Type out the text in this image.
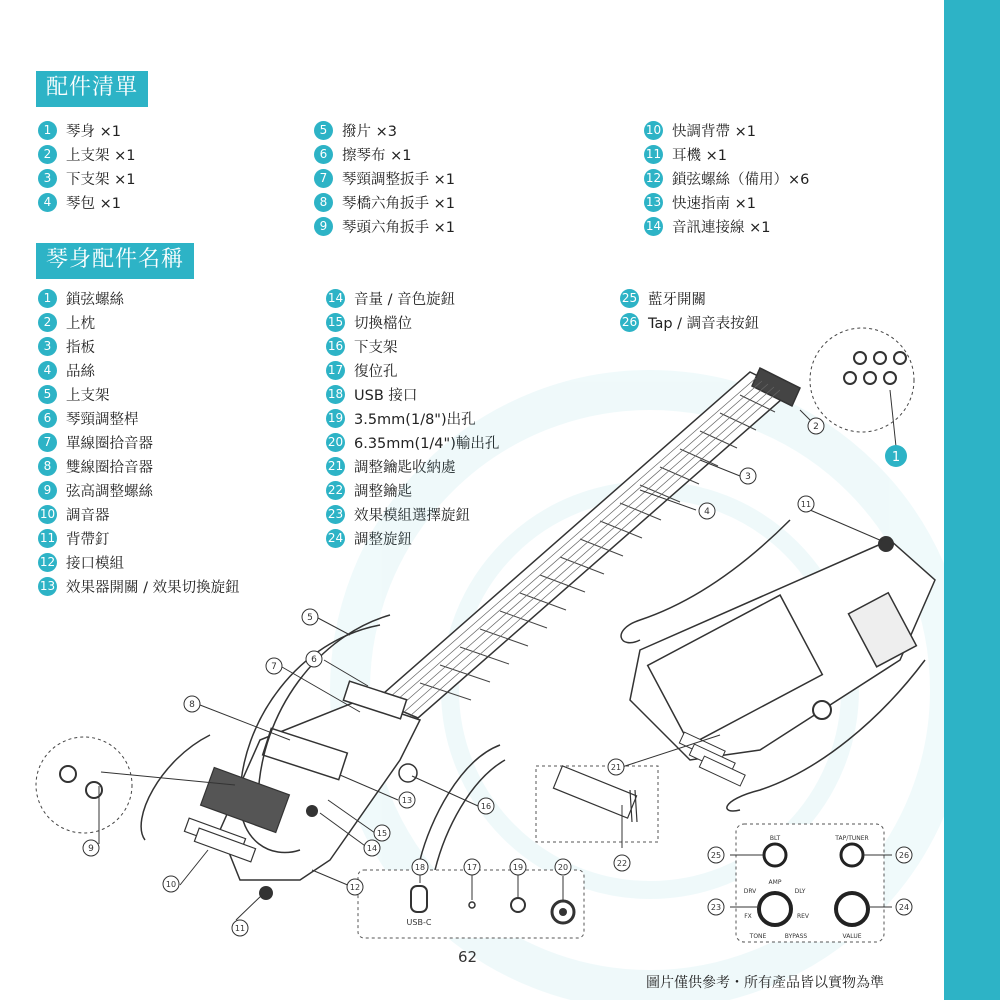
配件清單
1	琴身 ×1
2	上支架 ×1
3	下支架 ×1
4	琴包 ×1
5	撥片 ×3
6	擦琴布 ×1
7	琴頸調整扳手 ×1
8	琴橋六角扳手 ×1
9	琴頭六角扳手 ×1
10 快調背帶 ×1
11 耳機 ×1
12 鎖弦螺絲（備用）×6
13 快速指南 ×1
14 音訊連接線 ×1
琴身配件名稱
1	鎖弦螺絲
2	上枕
3	指板
4	品絲
5	上支架
6	琴頸調整桿
7	單線圈拾音器
8	雙線圈拾音器
9	弦高調整螺絲
10 調音器
11 背帶釘
12 接口模組
13 效果器開關 / 效果切換旋鈕
14 音量 / 音色旋鈕
15 切換檔位
16 下支架
17 復位孔
18 USB 接口
19 3.5mm(1/8")出孔
20 6.35mm(1/4")輸出孔
21 調整鑰匙收納處
22 調整鑰匙
23 效果模組選擇旋鈕
24 調整旋鈕
25 藍牙開關
26 Tap / 調音表按鈕
USB-C
BLT	TAP/TUNER
AMP
DRV	DLY
FX	REV
TONE	BYPASS	VALUE
1
2
3
4
5
6
7
8
9
10
11
11
12
13
14
15
16
17
18	19	20
21
22
23	24
25	26
62
圖片僅供參考・所有產品皆以實物為準
